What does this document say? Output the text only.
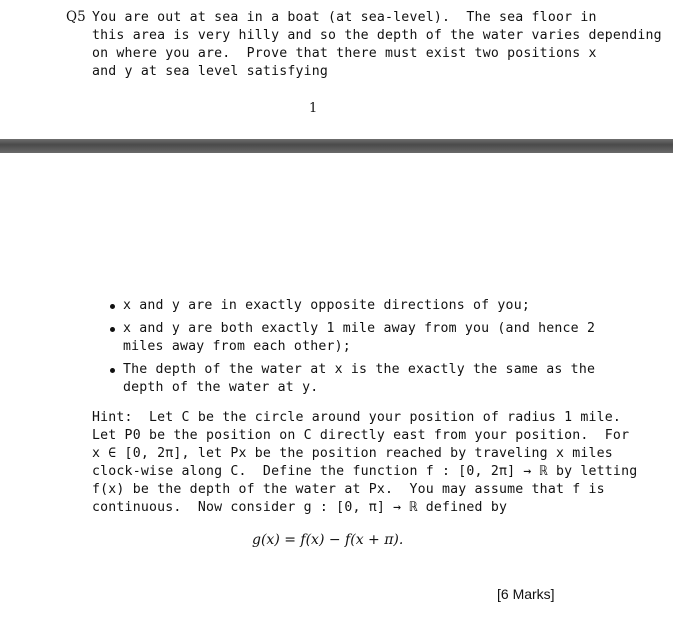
Q5 You are out at sea in a boat (at sea-level).  The sea floor in
this area is very hilly and so the depth of the water varies depending
on where you are.  Prove that there must exist two positions x
and y at sea level satisfying
1
x and y are in exactly opposite directions of you;
x and y are both exactly 1 mile away from you (and hence 2
miles away from each other);
The depth of the water at x is the exactly the same as the
depth of the water at y.
Hint:  Let C be the circle around your position of radius 1 mile.
Let P0 be the position on C directly east from your position.  For
x ∈ [0, 2π], let Px be the position reached by traveling x miles
clock-wise along C.  Define the function f : [0, 2π] → ℝ by letting
f(x) be the depth of the water at Px.  You may assume that f is
continuous.  Now consider g : [0, π] → ℝ defined by
g(x) = f(x) − f(x + π).
[6 Marks]
